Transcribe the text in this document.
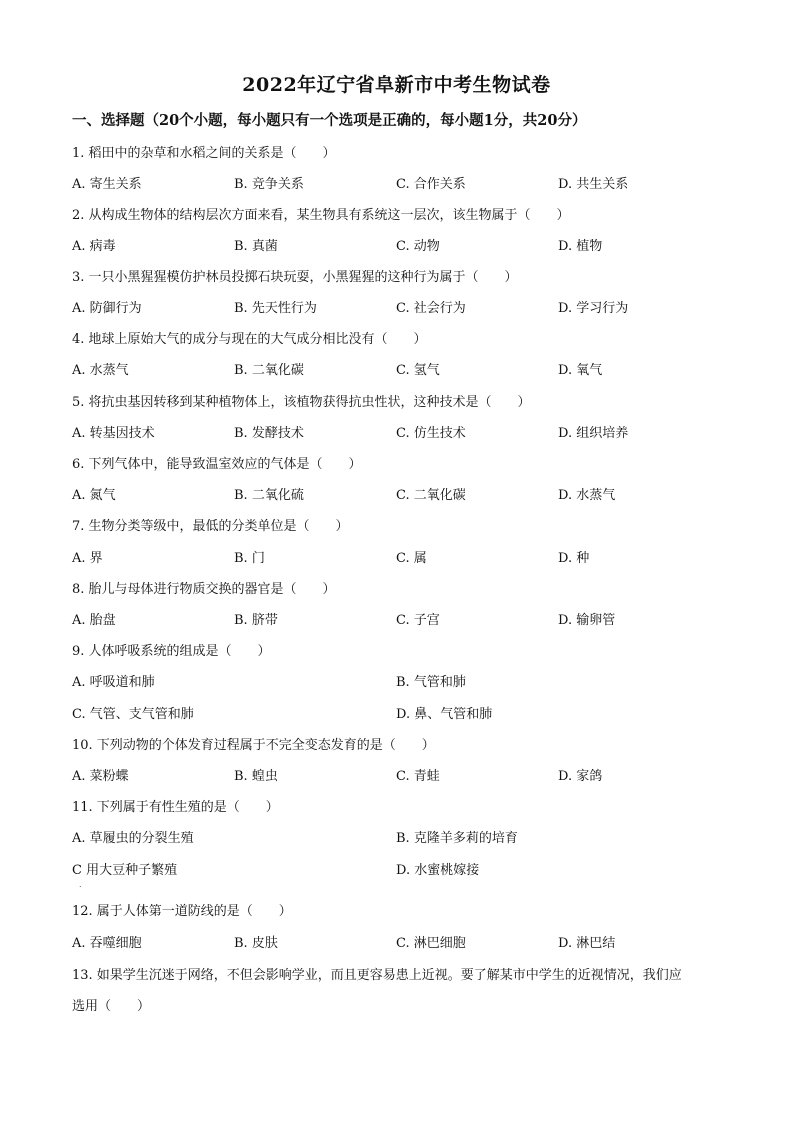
2022年辽宁省阜新市中考生物试卷
一、选择题（20个小题，每小题只有一个选项是正确的，每小题1分，共20分）
1. 稻田中的杂草和水稻之间的关系是（　　）
A. 寄生关系	B. 竞争关系	C. 合作关系	D. 共生关系
2. 从构成生物体的结构层次方面来看，某生物具有系统这一层次，该生物属于（　　）
A. 病毒	B. 真菌	C. 动物	D. 植物
3. 一只小黑猩猩模仿护林员投掷石块玩耍，小黑猩猩的这种行为属于（　　）
A. 防御行为	B. 先天性行为	C. 社会行为	D. 学习行为
4. 地球上原始大气的成分与现在的大气成分相比没有（　　）
A. 水蒸气	B. 二氧化碳	C. 氢气	D. 氧气
5. 将抗虫基因转移到某种植物体上，该植物获得抗虫性状，这种技术是（　　）
A. 转基因技术	B. 发酵技术	C. 仿生技术	D. 组织培养
6. 下列气体中，能导致温室效应的气体是（　　）
A. 氮气	B. 二氧化硫	C. 二氧化碳	D. 水蒸气
7. 生物分类等级中，最低的分类单位是（　　）
A. 界	B. 门	C. 属	D. 种
8. 胎儿与母体进行物质交换的器官是（　　）
A. 胎盘	B. 脐带	C. 子宫	D. 输卵管
9. 人体呼吸系统的组成是（　　）
A. 呼吸道和肺	B. 气管和肺
C. 气管、支气管和肺	D. 鼻、气管和肺
10. 下列动物的个体发育过程属于不完全变态发育的是（　　）
A. 菜粉蝶	B. 蝗虫	C. 青蛙	D. 家鸽
11. 下列属于有性生殖的是（　　）
A. 草履虫的分裂生殖	B. 克隆羊多莉的培育
C 用大豆种子繁殖	D. 水蜜桃嫁接
.
12. 属于人体第一道防线的是（　　）
A. 吞噬细胞	B. 皮肤	C. 淋巴细胞	D. 淋巴结
13. 如果学生沉迷于网络，不但会影响学业，而且更容易患上近视。要了解某市中学生的近视情况，我们应
选用（　　）
